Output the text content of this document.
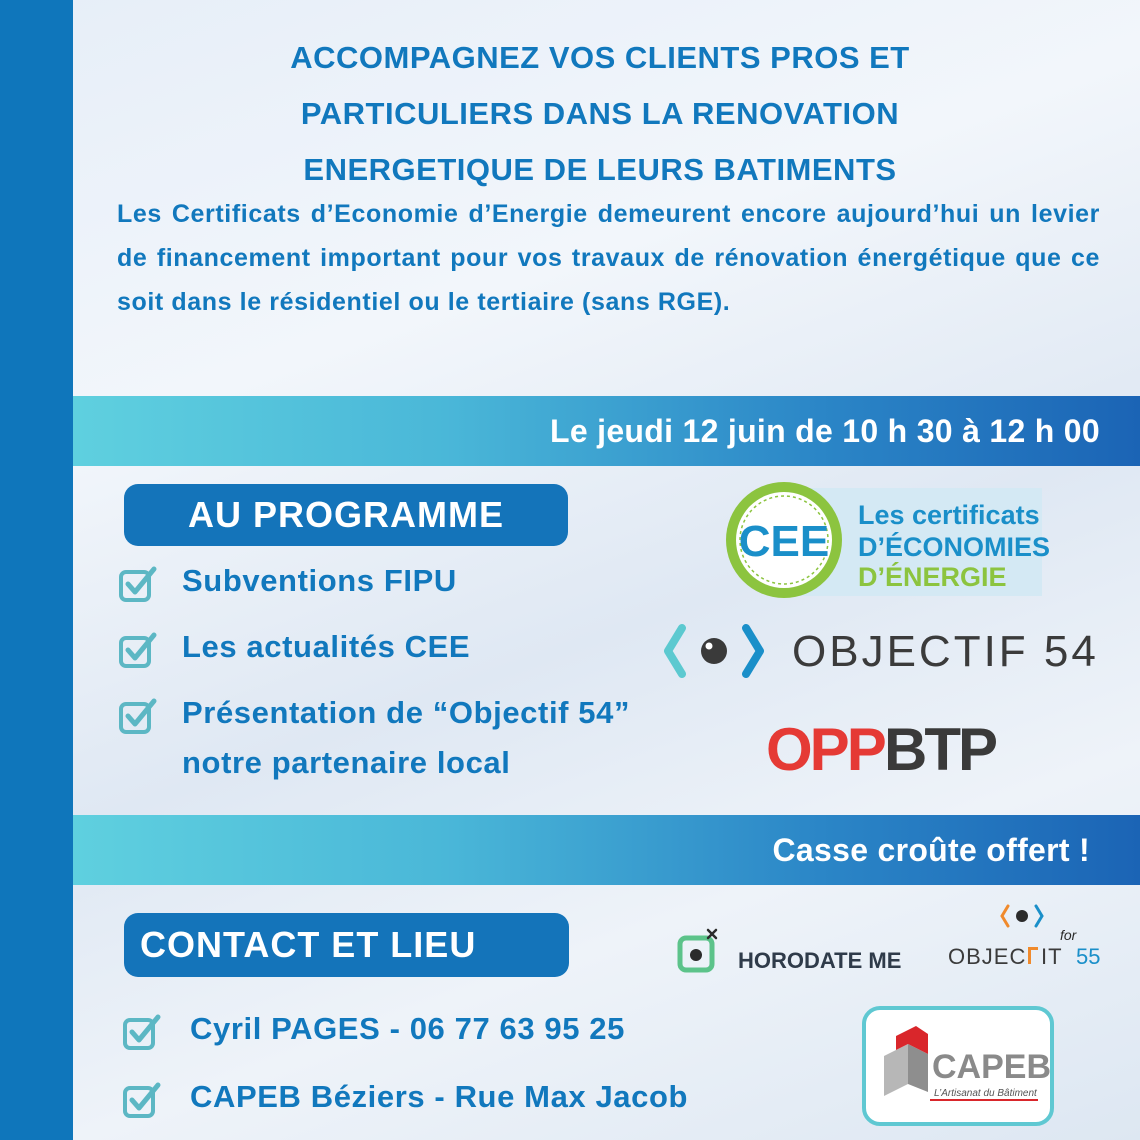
ACCOMPAGNEZ VOS CLIENTS PROS ET
PARTICULIERS DANS LA RENOVATION
ENERGETIQUE DE LEURS BATIMENTS

Les Certificats d’Economie d’Energie demeurent encore aujourd’hui un levier de financement important pour vos travaux de rénovation énergétique que ce soit dans le résidentiel ou le tertiaire (sans RGE).

Le jeudi 12 juin de 10 h 30 à 12 h 00
AU PROGRAMME
Subventions FIPU
Les actualités CEE
Présentation de “Objectif 54”
notre partenaire local
CEE
Les certificats
D’ÉCONOMIES
D’ÉNERGIE
OBJECTIF 54
OPP BTP
Casse croûte offert !
CONTACT ET LIEU	HORODATE ME
for
OBJEC IT 55
Cyril PAGES - 06 77 63 95 25
CAPEB Béziers - Rue Max Jacob
CAPEB
L’Artisanat du Bâtiment
